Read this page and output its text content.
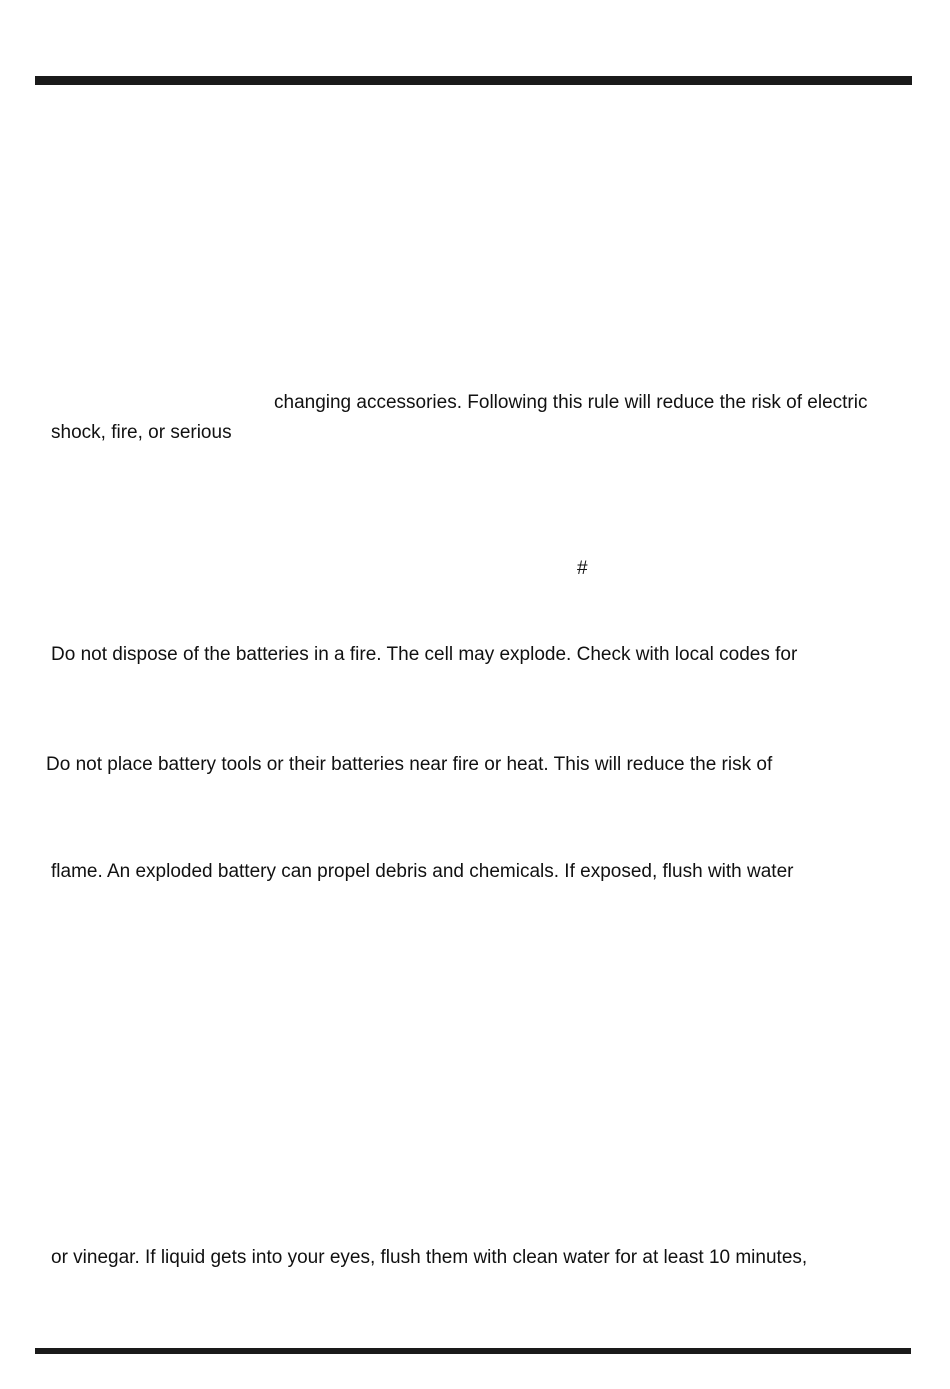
changing accessories. Following this rule will reduce the risk of electric
shock, fire, or serious
#
Do not dispose of the batteries in a fire. The cell may explode. Check with local codes for
Do not place battery tools or their batteries near fire or heat. This will reduce the risk of
flame. An exploded battery can propel debris and chemicals. If exposed, flush with water
or vinegar. If liquid gets into your eyes, flush them with clean water for at least 10 minutes,
